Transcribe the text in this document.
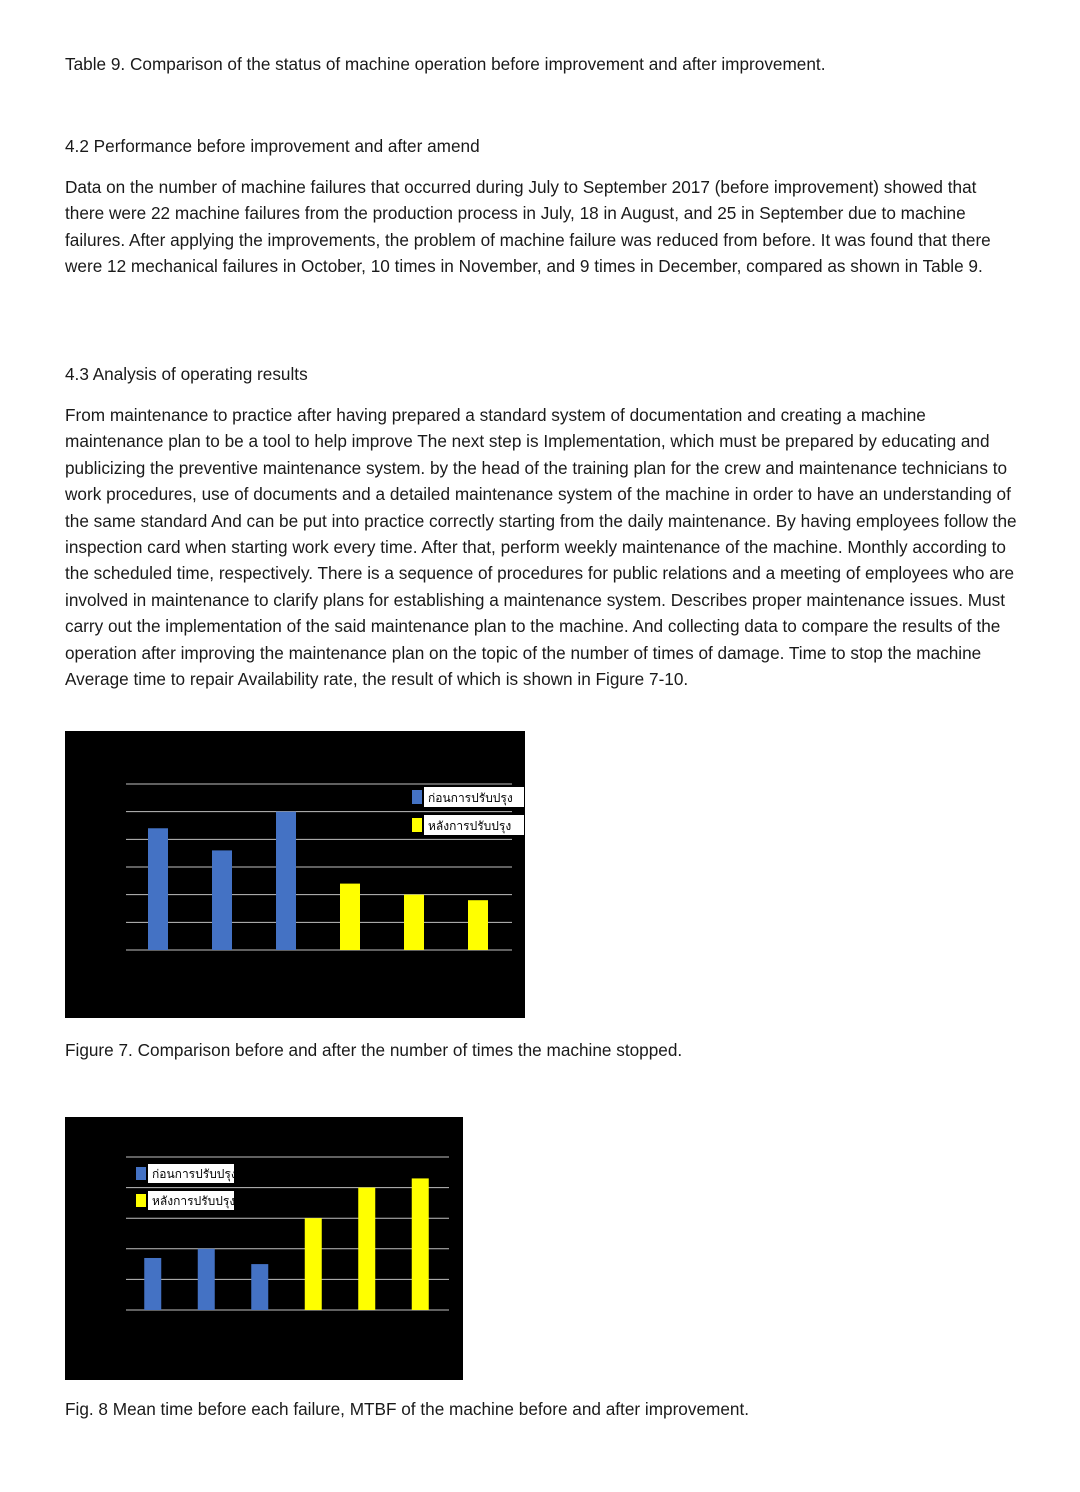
Table 9. Comparison of the status of machine operation before improvement and after improvement.

4.2 Performance before improvement and after amend

Data on the number of machine failures that occurred during July to September 2017 (before improvement) showed that there were 22 machine failures from the production process in July, 18 in August, and 25 in September due to machine failures. After applying the improvements, the problem of machine failure was reduced from before. It was found that there were 12 mechanical failures in October, 10 times in November, and 9 times in December, compared as shown in Table 9.

4.3 Analysis of operating results

From maintenance to practice after having prepared a standard system of documentation and creating a machine maintenance plan to be a tool to help improve The next step is Implementation, which must be prepared by educating and publicizing the preventive maintenance system. by the head of the training plan for the crew and maintenance technicians to work procedures, use of documents and a detailed maintenance system of the machine in order to have an understanding of the same standard And can be put into practice correctly starting from the daily maintenance. By having employees follow the inspection card when starting work every time. After that, perform weekly maintenance of the machine. Monthly according to the scheduled time, respectively. There is a sequence of procedures for public relations and a meeting of employees who are involved in maintenance to clarify plans for establishing a maintenance system. Describes proper maintenance issues. Must carry out the implementation of the said maintenance plan to the machine. And collecting data to compare the results of the operation after improving the maintenance plan on the topic of the number of times of damage. Time to stop the machine Average time to repair Availability rate, the result of which is shown in Figure 7-10.

ก่อนการปรับปรุง
หลังการปรับปรุง

Figure 7. Comparison before and after the number of times the machine stopped.

ก่อนการปรับปรุง
หลังการปรับปรุง

Fig. 8 Mean time before each failure, MTBF of the machine before and after improvement.
